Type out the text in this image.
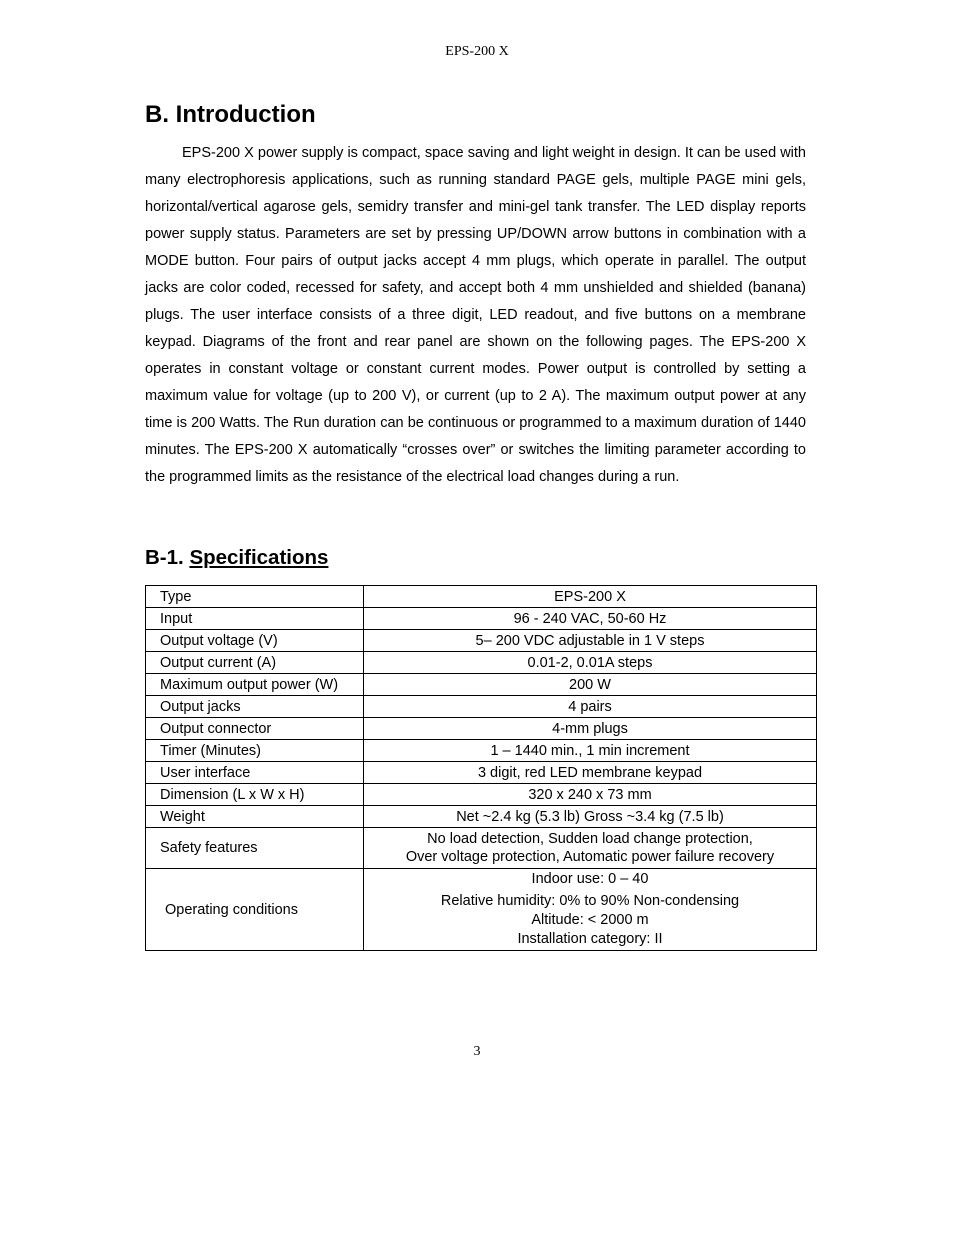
EPS-200 X
B. Introduction

EPS-200 X power supply is compact, space saving and light weight in design. It can be used with many electrophoresis applications, such as running standard PAGE gels, multiple PAGE mini gels, horizontal/vertical agarose gels, semidry transfer and mini-gel tank transfer. The LED display reports power supply status. Parameters are set by pressing UP/DOWN arrow buttons in combination with a MODE button. Four pairs of output jacks accept 4 mm plugs, which operate in parallel. The output jacks are color coded, recessed for safety, and accept both 4 mm unshielded and shielded (banana) plugs. The user interface consists of a three digit, LED readout, and five buttons on a membrane keypad. Diagrams of the front and rear panel are shown on the following pages. The EPS-200 X operates in constant voltage or constant current modes. Power output is controlled by setting a maximum value for voltage (up to 200 V), or current (up to 2 A). The maximum output power at any time is 200 Watts. The Run duration can be continuous or programmed to a maximum duration of 1440 minutes. The EPS-200 X automatically “crosses over” or switches the limiting parameter according to the programmed limits as the resistance of the electrical load changes during a run.

B-1. Specifications
Type	EPS-200 X
Input	96 - 240 VAC, 50-60 Hz
Output voltage (V)	5– 200 VDC adjustable in 1 V steps
Output current (A)	0.01-2, 0.01A steps
Maximum output power (W)	200 W
Output jacks	4 pairs
Output connector	4-mm plugs
Timer (Minutes)	1 – 1440 min., 1 min increment
User interface	3 digit, red LED membrane keypad
Dimension (L x W x H)	320 x 240 x 73 mm
Weight	Net ~2.4 kg (5.3 lb) Gross ~3.4 kg (7.5 lb)
Safety features	No load detection, Sudden load change protection,
Over voltage protection, Automatic power failure recovery

Operating conditions	Indoor use: 0 – 40
Relative humidity: 0% to 90% Non-condensing
Altitude: < 2000 m
Installation category: II
3
